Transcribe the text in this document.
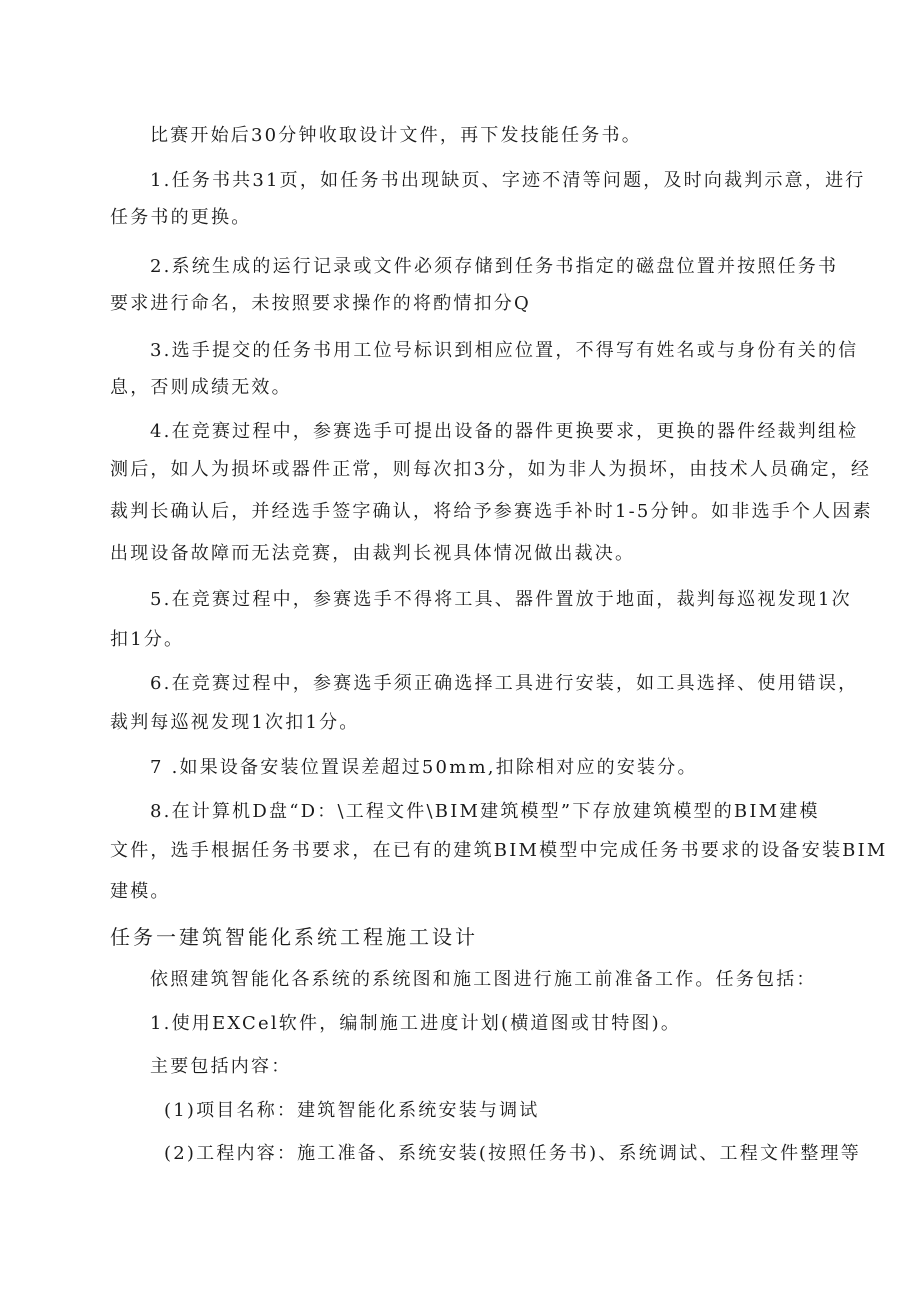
比赛开始后30分钟收取设计文件，再下发技能任务书。
1.任务书共31页，如任务书出现缺页、字迹不清等问题，及时向裁判示意，进行
任务书的更换。
2.系统生成的运行记录或文件必须存储到任务书指定的磁盘位置并按照任务书
要求进行命名，未按照要求操作的将酌情扣分Q
3.选手提交的任务书用工位号标识到相应位置，不得写有姓名或与身份有关的信
息，否则成绩无效。
4.在竞赛过程中，参赛选手可提出设备的器件更换要求，更换的器件经裁判组检
测后，如人为损坏或器件正常，则每次扣3分，如为非人为损坏，由技术人员确定，经
裁判长确认后，并经选手签字确认，将给予参赛选手补时1-5分钟。如非选手个人因素
出现设备故障而无法竞赛，由裁判长视具体情况做出裁决。
5.在竞赛过程中，参赛选手不得将工具、器件置放于地面，裁判每巡视发现1次
扣1分。
6.在竞赛过程中，参赛选手须正确选择工具进行安装，如工具选择、使用错误，
裁判每巡视发现1次扣1分。
7 .如果设备安装位置误差超过50mm,扣除相对应的安装分。
8.在计算机D盘“D：\工程文件\BIM建筑模型”下存放建筑模型的BIM建模
文件，选手根据任务书要求，在已有的建筑BIM模型中完成任务书要求的设备安装BIM
建模。
任务一建筑智能化系统工程施工设计
依照建筑智能化各系统的系统图和施工图进行施工前准备工作。任务包括：
1.使用EXCel软件，编制施工进度计划(横道图或甘特图)。
主要包括内容：
(1)项目名称：建筑智能化系统安装与调试
(2)工程内容：施工准备、系统安装(按照任务书)、系统调试、工程文件整理等
